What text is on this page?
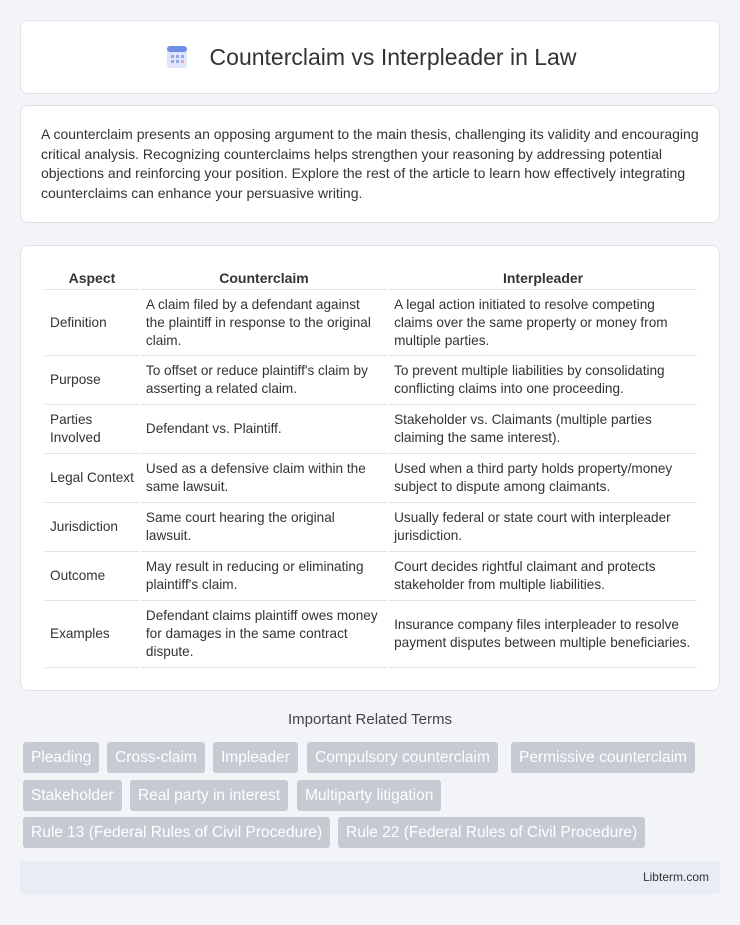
Counterclaim vs Interpleader in Law

A counterclaim presents an opposing argument to the main thesis, challenging its validity and encouraging critical analysis. Recognizing counterclaims helps strengthen your reasoning by addressing potential objections and reinforcing your position. Explore the rest of the article to learn how effectively integrating counterclaims can enhance your persuasive writing.

Aspect	Counterclaim	Interpleader
Definition	A claim filed by a defendant against the plaintiff in response to the original claim.	A legal action initiated to resolve competing claims over the same property or money from multiple parties.
Purpose	To offset or reduce plaintiff's claim by asserting a related claim.	To prevent multiple liabilities by consolidating conflicting claims into one proceeding.
Parties Involved	Defendant vs. Plaintiff.	Stakeholder vs. Claimants (multiple parties claiming the same interest).
Legal Context	Used as a defensive claim within the same lawsuit.	Used when a third party holds property/money subject to dispute among claimants.
Jurisdiction	Same court hearing the original lawsuit.	Usually federal or state court with interpleader jurisdiction.
Outcome	May result in reducing or eliminating plaintiff's claim.	Court decides rightful claimant and protects stakeholder from multiple liabilities.
Examples	Defendant claims plaintiff owes money for damages in the same contract dispute.	Insurance company files interpleader to resolve payment disputes between multiple beneficiaries.
Important Related Terms
Pleading	Cross-claim	Impleader	Compulsory counterclaim	Permissive counterclaim
Stakeholder	Real party in interest	Multiparty litigation
Rule 13 (Federal Rules of Civil Procedure)	Rule 22 (Federal Rules of Civil Procedure)
Libterm.com
